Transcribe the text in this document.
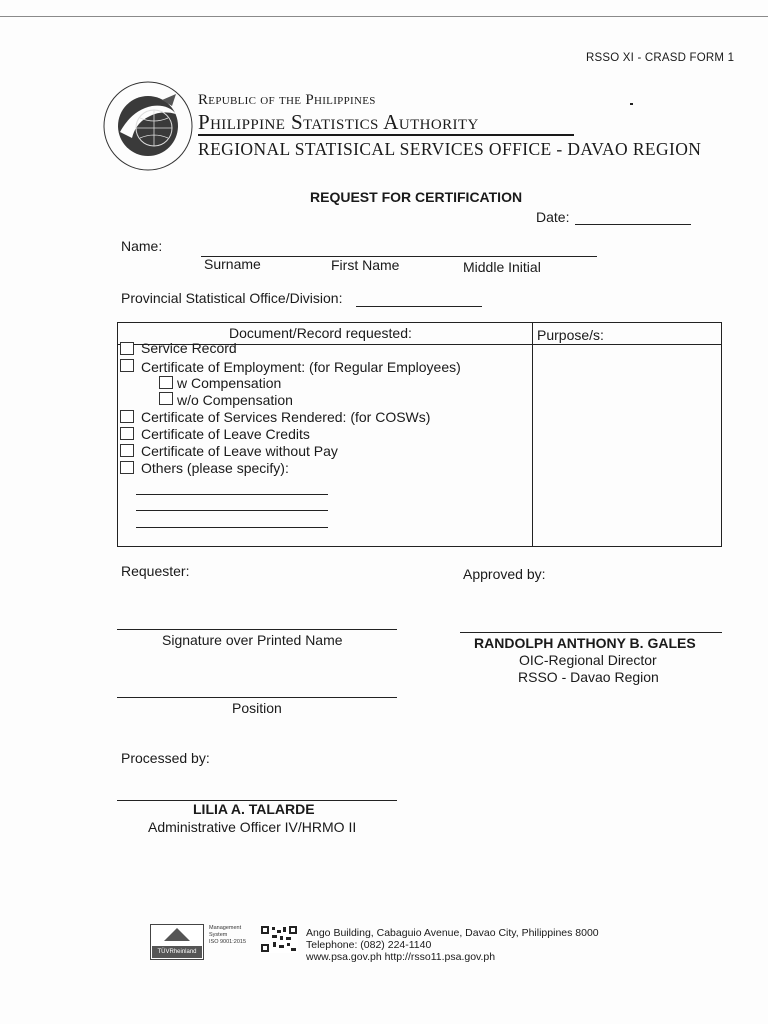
RSSO XI - CRASD FORM 1
Republic of the Philippines
Philippine Statistics Authority
REGIONAL STATISICAL SERVICES OFFICE - DAVAO REGION
REQUEST FOR CERTIFICATION
Date:
Name:
Surname	First Name	Middle Initial
Provincial Statistical Office/Division:
Document/Record requested:	Purpose/s:
Service Record
Certificate of Employment: (for Regular Employees)
w Compensation
w/o Compensation
Certificate of Services Rendered: (for COSWs)
Certificate of Leave Credits
Certificate of Leave without Pay
Others (please specify):
Requester:	Approved by:
Signature over Printed Name	RANDOLPH ANTHONY B. GALES
OIC-Regional Director
RSSO - Davao Region
Position
Processed by:
LILIA A. TALARDE
Administrative Officer IV/HRMO II
TÜVRheinland
Management
System
ISO 9001:2015
Ango Building, Cabaguio Avenue, Davao City, Philippines 8000
Telephone: (082) 224-1140
www.psa.gov.ph http://rsso11.psa.gov.ph
